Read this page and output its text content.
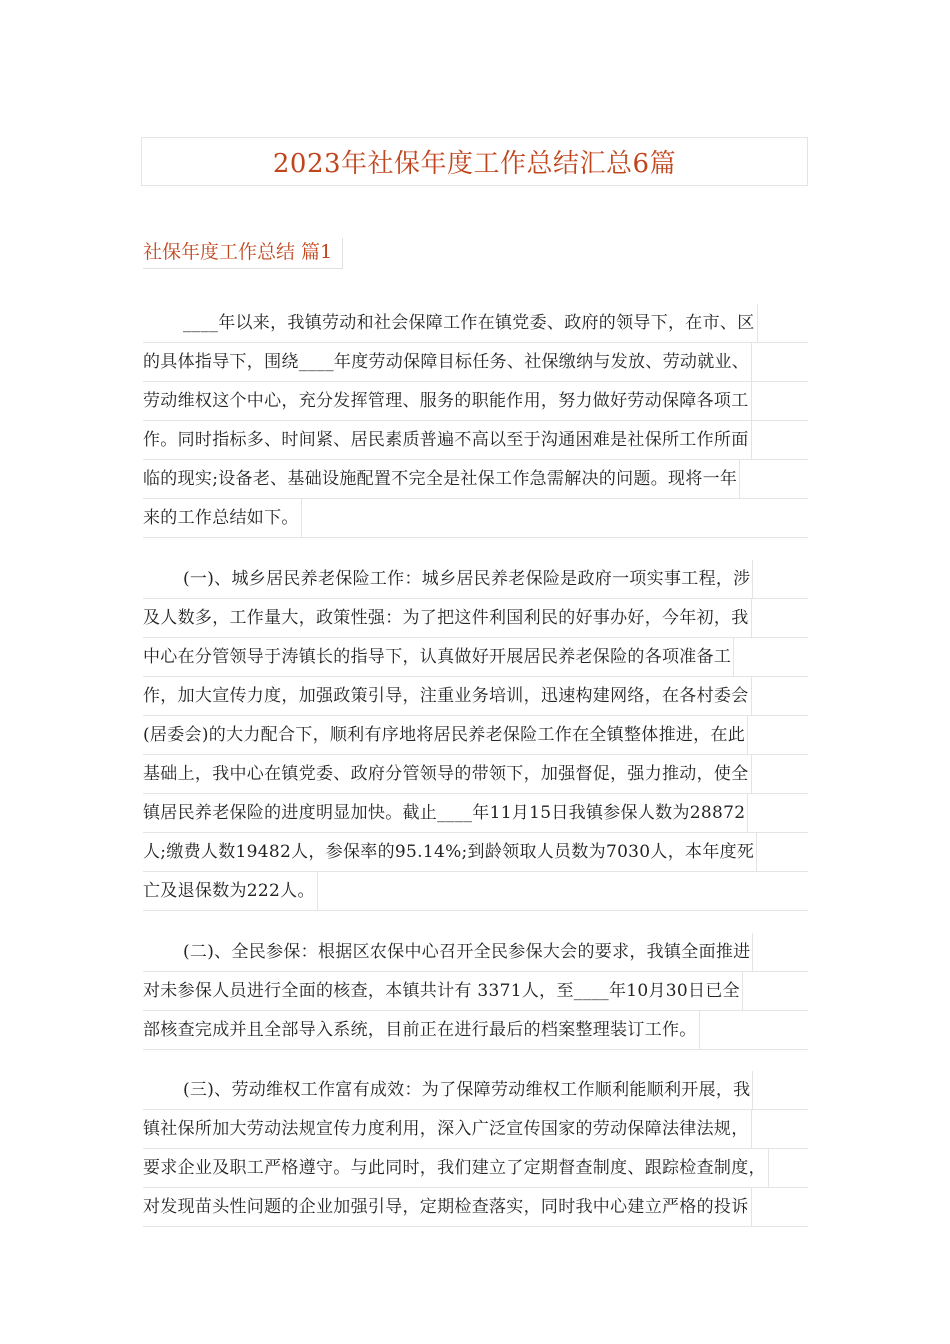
2023年社保年度工作总结汇总6篇
社保年度工作总结 篇1
____年以来，我镇劳动和社会保障工作在镇党委、政府的领导下，在市、区
的具体指导下，围绕____年度劳动保障目标任务、社保缴纳与发放、劳动就业、
劳动维权这个中心，充分发挥管理、服务的职能作用，努力做好劳动保障各项工
作。同时指标多、时间紧、居民素质普遍不高以至于沟通困难是社保所工作所面
临的现实;设备老、基础设施配置不完全是社保工作急需解决的问题。现将一年
来的工作总结如下。
(一)、城乡居民养老保险工作：城乡居民养老保险是政府一项实事工程，涉
及人数多，工作量大，政策性强：为了把这件利国利民的好事办好，今年初，我
中心在分管领导于涛镇长的指导下，认真做好开展居民养老保险的各项准备工
作，加大宣传力度，加强政策引导，注重业务培训，迅速构建网络，在各村委会
(居委会)的大力配合下，顺利有序地将居民养老保险工作在全镇整体推进，在此
基础上，我中心在镇党委、政府分管领导的带领下，加强督促，强力推动，使全
镇居民养老保险的进度明显加快。截止____年11月15日我镇参保人数为28872
人;缴费人数19482人，参保率的95.14%;到龄领取人员数为7030人，本年度死
亡及退保数为222人。
(二)、全民参保：根据区农保中心召开全民参保大会的要求，我镇全面推进
对未参保人员进行全面的核查，本镇共计有 3371人，至____年10月30日已全
部核查完成并且全部导入系统，目前正在进行最后的档案整理装订工作。
(三)、劳动维权工作富有成效：为了保障劳动维权工作顺利能顺利开展，我
镇社保所加大劳动法规宣传力度利用，深入广泛宣传国家的劳动保障法律法规，
要求企业及职工严格遵守。与此同时，我们建立了定期督查制度、跟踪检查制度，
对发现苗头性问题的企业加强引导，定期检查落实，同时我中心建立严格的投诉
